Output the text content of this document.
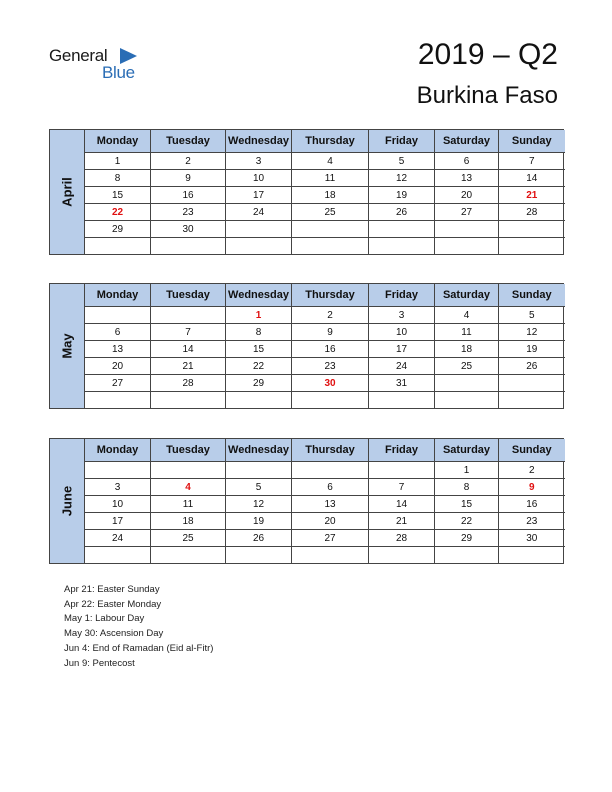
General
Blue
2019 – Q2
Burkina Faso
April
Monday	Tuesday	Wednesday	Thursday	Friday	Saturday	Sunday
1	2	3	4	5	6	7
8	9	10	11	12	13	14
15	16	17	18	19	20	21
22	23	24	25	26	27	28
29	30					

May
Monday	Tuesday	Wednesday	Thursday	Friday	Saturday	Sunday
		1	2	3	4	5
6	7	8	9	10	11	12
13	14	15	16	17	18	19
20	21	22	23	24	25	26
27	28	29	30	31		

June
Monday	Tuesday	Wednesday	Thursday	Friday	Saturday	Sunday
					1	2
3	4	5	6	7	8	9
10	11	12	13	14	15	16
17	18	19	20	21	22	23
24	25	26	27	28	29	30

Apr 21: Easter Sunday
Apr 22: Easter Monday
May 1: Labour Day
May 30: Ascension Day
Jun 4: End of Ramadan (Eid al-Fitr)
Jun 9: Pentecost
